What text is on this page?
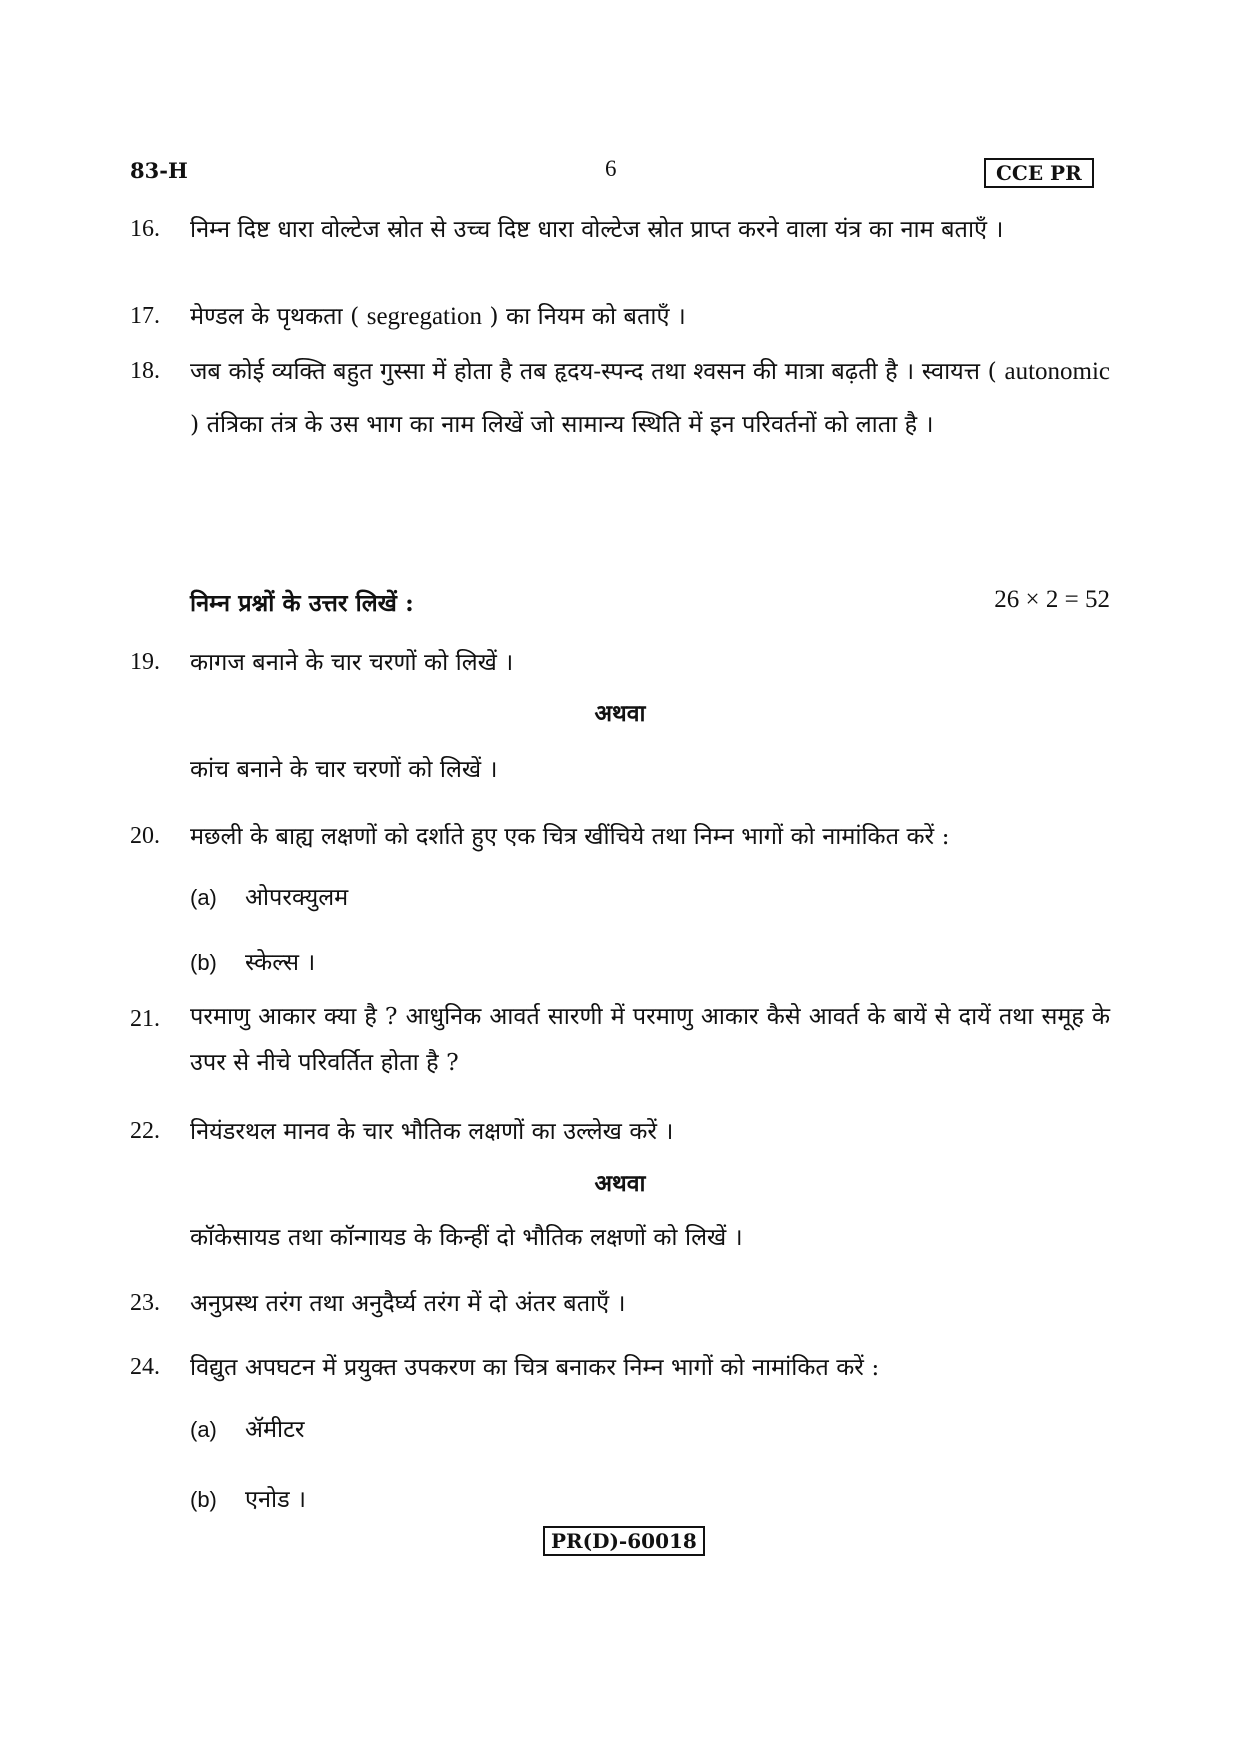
83-H	6	CCE PR
16.	निम्न दिष्ट धारा वोल्टेज स्रोत से उच्च दिष्ट धारा वोल्टेज स्रोत प्राप्त करने वाला यंत्र का नाम बताएँ ।
17.	मेण्डल के पृथकता ( segregation ) का नियम को बताएँ ।
18.	जब कोई व्यक्ति बहुत गुस्सा में होता है तब हृदय-स्पन्द तथा श्वसन की मात्रा बढ़ती है । स्वायत्त ( autonomic ) तंत्रिका तंत्र के उस भाग का नाम लिखें जो सामान्य स्थिति में इन परिवर्तनों को लाता है ।
निम्न प्रश्नों के उत्तर लिखें :	26 × 2 = 52
19.	कागज बनाने के चार चरणों को लिखें ।
अथवा
कांच बनाने के चार चरणों को लिखें ।
20.	मछली के बाह्य लक्षणों को दर्शाते हुए एक चित्र खींचिये तथा निम्न भागों को नामांकित करें :
(a) ओपरक्युलम
(b) स्केल्स ।
21.	परमाणु आकार क्या है ? आधुनिक आवर्त सारणी में परमाणु आकार कैसे आवर्त के बायें से दायें तथा समूह के उपर से नीचे परिवर्तित होता है ?
22.	नियंडरथल मानव के चार भौतिक लक्षणों का उल्लेख करें ।
अथवा
कॉकेसायड तथा कॉन्गायड के किन्हीं दो भौतिक लक्षणों को लिखें ।
23.	अनुप्रस्थ तरंग तथा अनुदैर्घ्य तरंग में दो अंतर बताएँ ।
24.	विद्युत अपघटन में प्रयुक्त उपकरण का चित्र बनाकर निम्न भागों को नामांकित करें :
(a) ॲमीटर
(b) एनोड ।
PR(D)-60018
